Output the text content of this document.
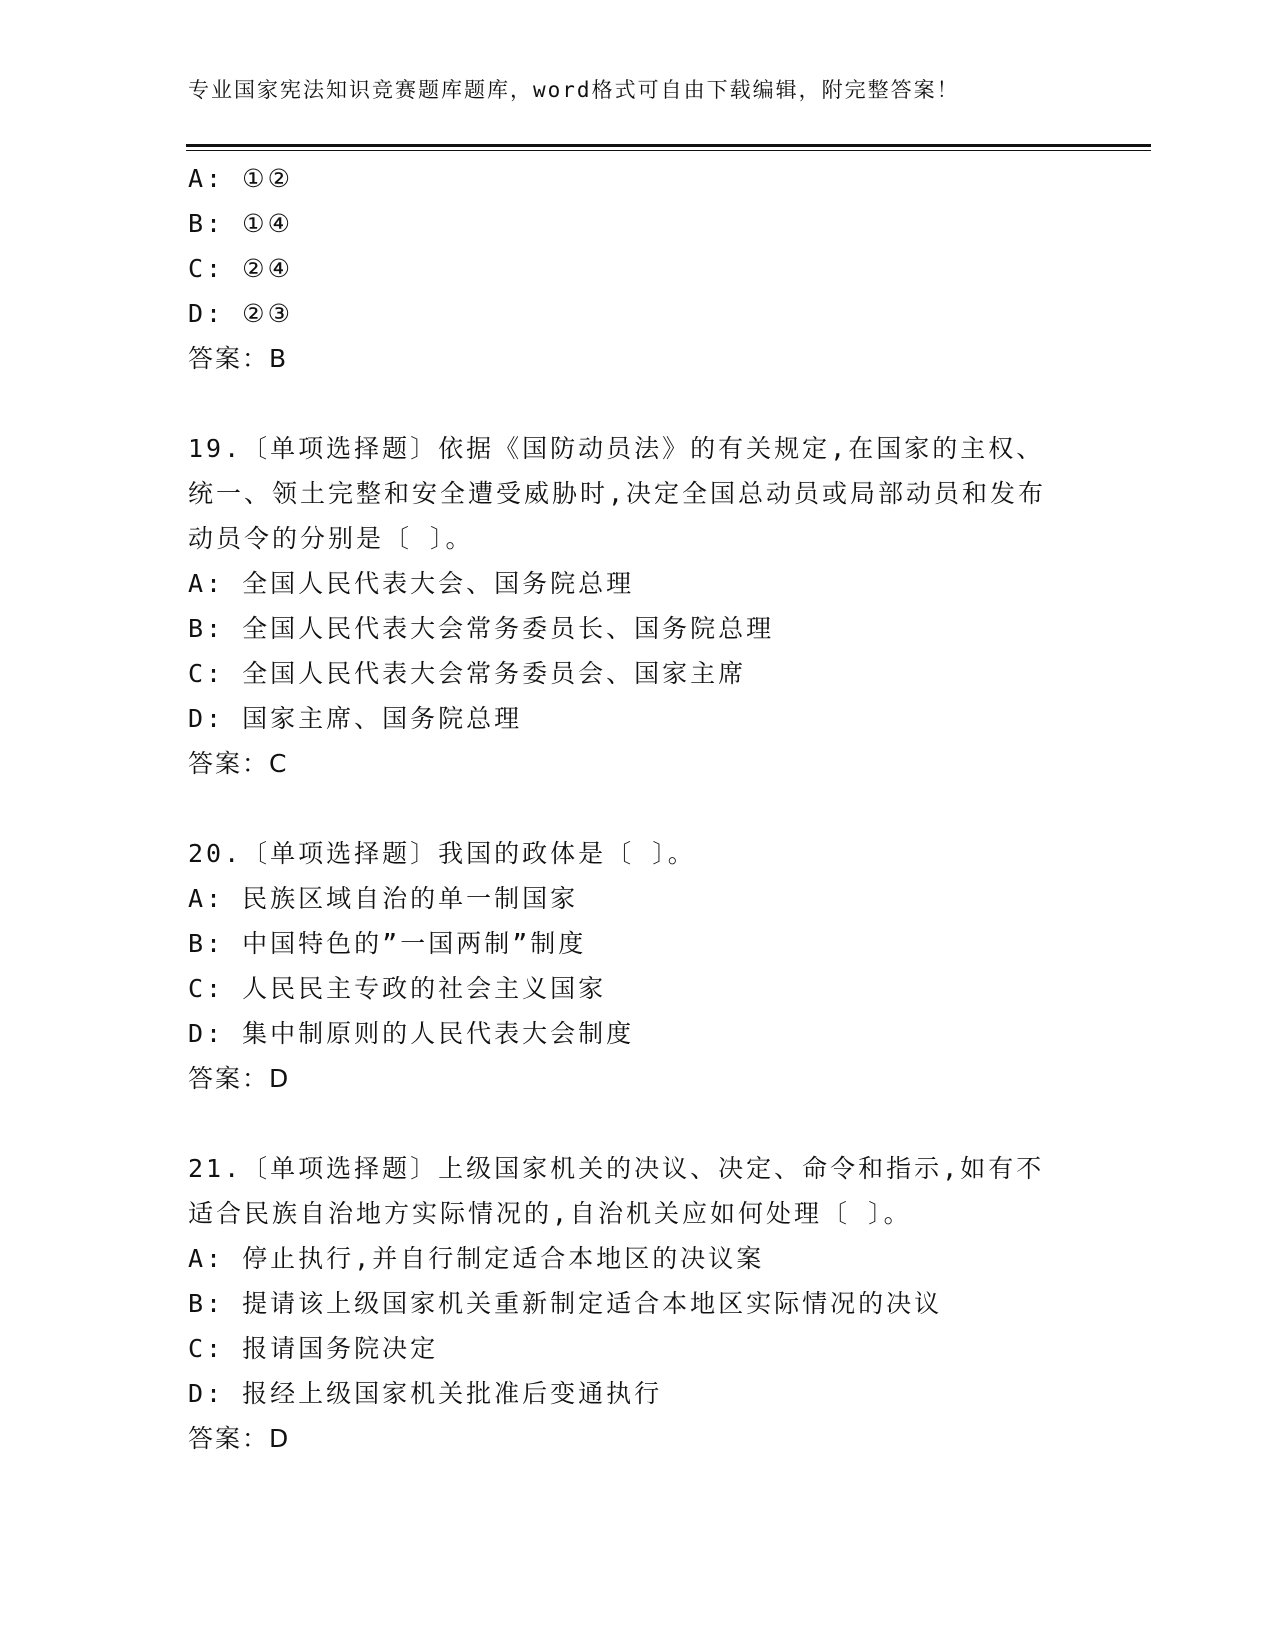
专业国家宪法知识竞赛题库题库，word格式可自由下载编辑，附完整答案！
A: ①②
B: ①④
C: ②④
D: ②③
答案：B
19.〔单项选择题〕依据《国防动员法》的有关规定,在国家的主权、
统一、领土完整和安全遭受威胁时,决定全国总动员或局部动员和发布
动员令的分别是〔 〕。
A: 全国人民代表大会、国务院总理
B: 全国人民代表大会常务委员长、国务院总理
C: 全国人民代表大会常务委员会、国家主席
D: 国家主席、国务院总理
答案：C
20.〔单项选择题〕我国的政体是〔 〕。
A: 民族区域自治的单一制国家
B: 中国特色的”一国两制”制度
C: 人民民主专政的社会主义国家
D: 集中制原则的人民代表大会制度
答案：D
21.〔单项选择题〕上级国家机关的决议、决定、命令和指示,如有不
适合民族自治地方实际情况的,自治机关应如何处理〔 〕。
A: 停止执行,并自行制定适合本地区的决议案
B: 提请该上级国家机关重新制定适合本地区实际情况的决议
C: 报请国务院决定
D: 报经上级国家机关批准后变通执行
答案：D
